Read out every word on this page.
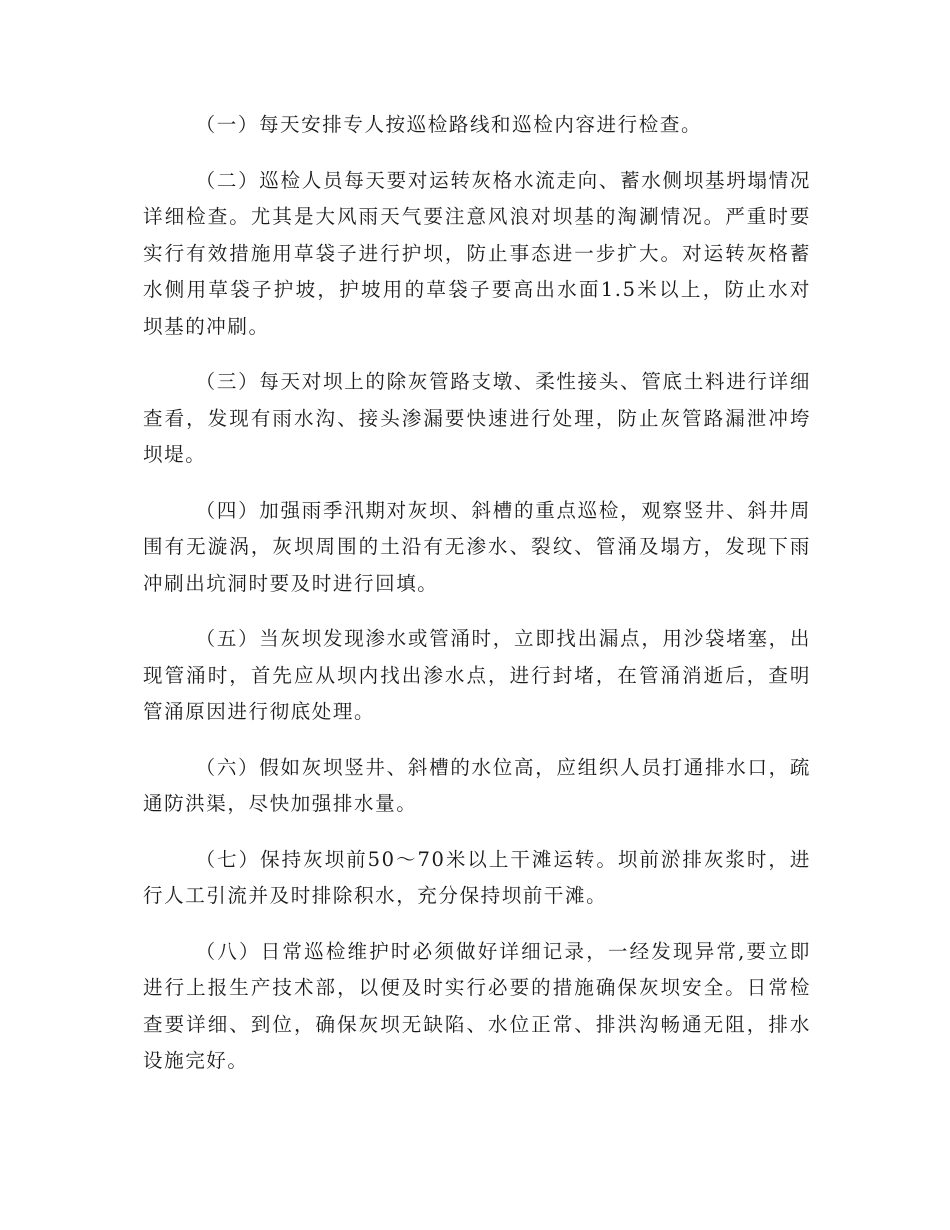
（一）每天安排专人按巡检路线和巡检内容进行检查。

（二）巡检人员每天要对运转灰格水流走向、蓄水侧坝基坍塌情况详细检查。尤其是大风雨天气要注意风浪对坝基的淘涮情况。严重时要实行有效措施用草袋子进行护坝，防止事态进一步扩大。对运转灰格蓄水侧用草袋子护坡，护坡用的草袋子要高出水面1.5米以上，防止水对坝基的冲刷。

（三）每天对坝上的除灰管路支墩、柔性接头、管底土料进行详细查看，发现有雨水沟、接头渗漏要快速进行处理，防止灰管路漏泄冲垮坝堤。

（四）加强雨季汛期对灰坝、斜槽的重点巡检，观察竖井、斜井周围有无漩涡，灰坝周围的土沿有无渗水、裂纹、管涌及塌方，发现下雨冲刷出坑洞时要及时进行回填。

（五）当灰坝发现渗水或管涌时，立即找出漏点，用沙袋堵塞，出现管涌时，首先应从坝内找出渗水点，进行封堵，在管涌消逝后，查明管涌原因进行彻底处理。

（六）假如灰坝竖井、斜槽的水位高，应组织人员打通排水口，疏通防洪渠，尽快加强排水量。

（七）保持灰坝前50～70米以上干滩运转。坝前淤排灰浆时，进行人工引流并及时排除积水，充分保持坝前干滩。

（八）日常巡检维护时必须做好详细记录，一经发现异常,要立即进行上报生产技术部，以便及时实行必要的措施确保灰坝安全。日常检查要详细、到位，确保灰坝无缺陷、水位正常、排洪沟畅通无阻，排水设施完好。
